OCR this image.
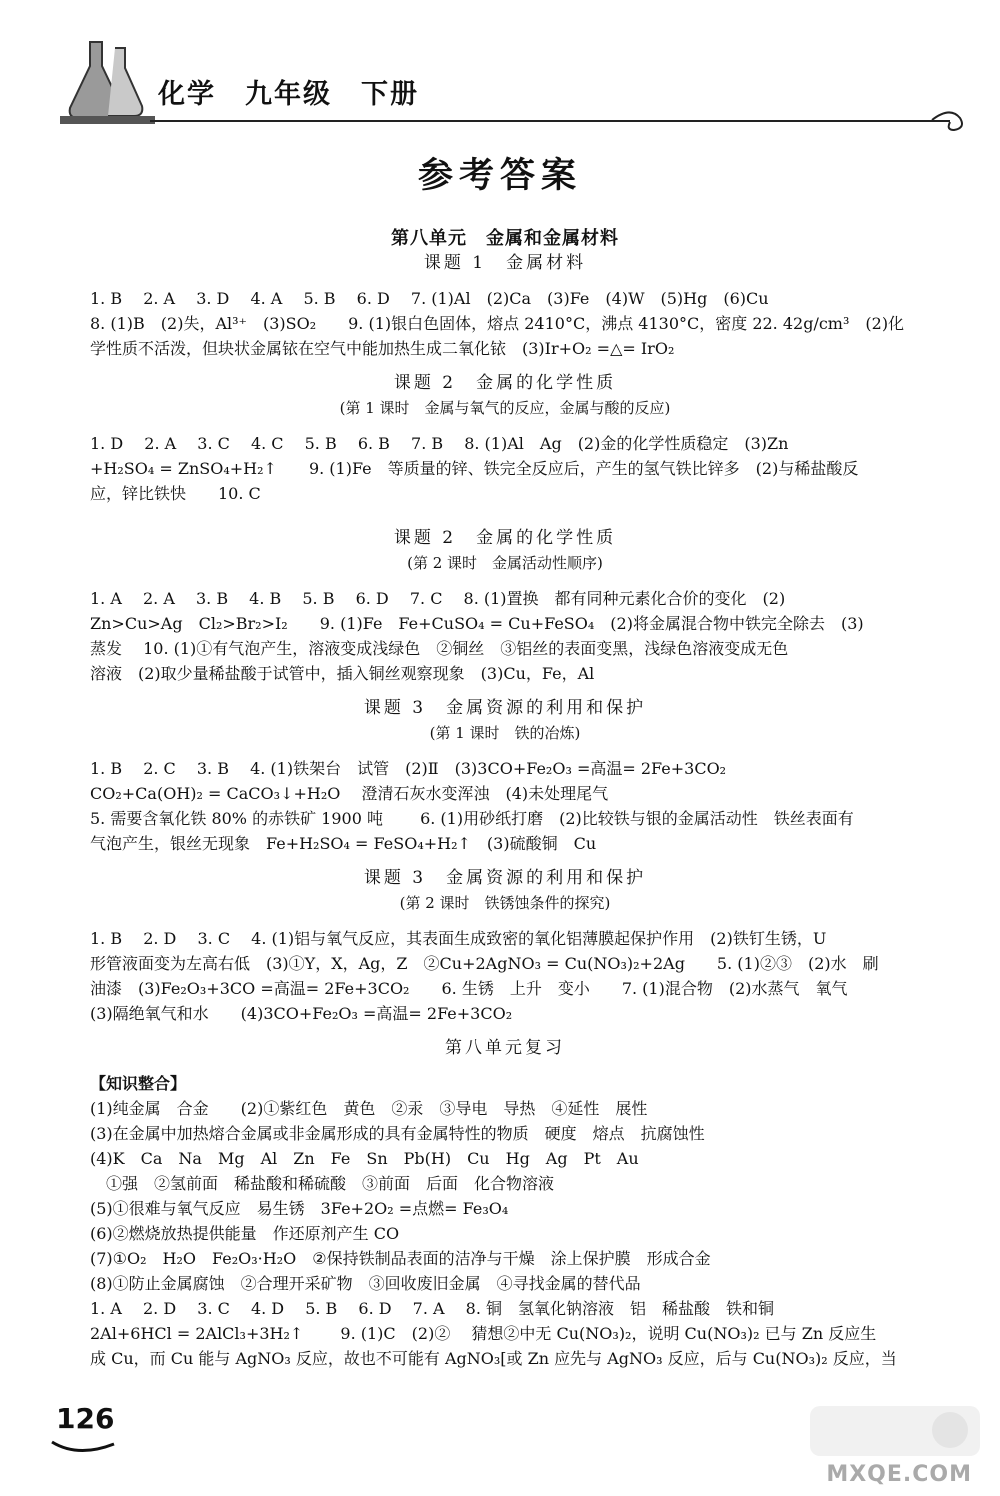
化学　九年级　下册
参考答案

第八单元　金属和金属材料

课题 1　金属材料

1. B　 2. A　 3. D　 4. A　 5. B　 6. D　 7. (1)Al　(2)Ca　(3)Fe　(4)W　(5)Hg　(6)Cu

8. (1)B　(2)失，Al³⁺　(3)SO₂　　9. (1)银白色固体，熔点 2410°C，沸点 4130°C，密度 22. 42g/cm³　(2)化

学性质不活泼，但块状金属铱在空气中能加热生成二氧化铱　(3)Ir+O₂ =△= IrO₂

课题 2　金属的化学性质

(第 1 课时　金属与氧气的反应，金属与酸的反应)

1. D　 2. A　 3. C　 4. C　 5. B　 6. B　 7. B　 8. (1)Al　Ag　(2)金的化学性质稳定　(3)Zn

+H₂SO₄ = ZnSO₄+H₂↑　　9. (1)Fe　等质量的锌、铁完全反应后，产生的氢气铁比锌多　(2)与稀盐酸反

应，锌比铁快　　10. C

课题 2　金属的化学性质

(第 2 课时　金属活动性顺序)

1. A　 2. A　 3. B　 4. B　 5. B　 6. D　 7. C　 8. (1)置换　都有同种元素化合价的变化　(2)

Zn>Cu>Ag　Cl₂>Br₂>I₂　　9. (1)Fe　Fe+CuSO₄ = Cu+FeSO₄　(2)将金属混合物中铁完全除去　(3)

蒸发　 10. (1)①有气泡产生，溶液变成浅绿色　②铜丝　③铝丝的表面变黑，浅绿色溶液变成无色

溶液　(2)取少量稀盐酸于试管中，插入铜丝观察现象　(3)Cu，Fe，Al

课题 3　金属资源的利用和保护

(第 1 课时　铁的冶炼)

1. B　 2. C　 3. B　 4. (1)铁架台　试管　(2)Ⅱ　(3)3CO+Fe₂O₃ =高温= 2Fe+3CO₂

CO₂+Ca(OH)₂ = CaCO₃↓+H₂O　 澄清石灰水变浑浊　(4)未处理尾气

5. 需要含氧化铁 80% 的赤铁矿 1900 吨　　 6. (1)用砂纸打磨　(2)比较铁与银的金属活动性　铁丝表面有

气泡产生，银丝无现象　Fe+H₂SO₄ = FeSO₄+H₂↑　(3)硫酸铜　Cu

课题 3　金属资源的利用和保护

(第 2 课时　铁锈蚀条件的探究)

1. B　 2. D　 3. C　 4. (1)铝与氧气反应，其表面生成致密的氧化铝薄膜起保护作用　(2)铁钉生锈，U

形管液面变为左高右低　(3)①Y，X，Ag，Z　②Cu+2AgNO₃ = Cu(NO₃)₂+2Ag　　5. (1)②③　(2)水　刷

油漆　(3)Fe₂O₃+3CO =高温= 2Fe+3CO₂　　6. 生锈　上升　变小　　7. (1)混合物　(2)水蒸气　氧气

(3)隔绝氧气和水　　(4)3CO+Fe₂O₃ =高温= 2Fe+3CO₂

第八单元复习

【知识整合】

(1)纯金属　合金　　(2)①紫红色　黄色　②汞　③导电　导热　④延性　展性

(3)在金属中加热熔合金属或非金属形成的具有金属特性的物质　硬度　熔点　抗腐蚀性

(4)K　Ca　Na　Mg　Al　Zn　Fe　Sn　Pb(H)　Cu　Hg　Ag　Pt　Au

　①强　②氢前面　稀盐酸和稀硫酸　③前面　后面　化合物溶液

(5)①很难与氧气反应　易生锈　3Fe+2O₂ =点燃= Fe₃O₄

(6)②燃烧放热提供能量　作还原剂产生 CO

(7)①O₂　H₂O　Fe₂O₃·H₂O　②保持铁制品表面的洁净与干燥　涂上保护膜　形成合金

(8)①防止金属腐蚀　②合理开采矿物　③回收废旧金属　④寻找金属的替代品

1. A　 2. D　 3. C　 4. D　 5. B　 6. D　 7. A　 8. 铜　氢氧化钠溶液　铝　稀盐酸　铁和铜

2Al+6HCl = 2AlCl₃+3H₂↑　　 9. (1)C　(2)②　 猜想②中无 Cu(NO₃)₂，说明 Cu(NO₃)₂ 已与 Zn 反应生

成 Cu，而 Cu 能与 AgNO₃ 反应，故也不可能有 AgNO₃[或 Zn 应先与 AgNO₃ 反应，后与 Cu(NO₃)₂ 反应，当

126
MXQE.COM
